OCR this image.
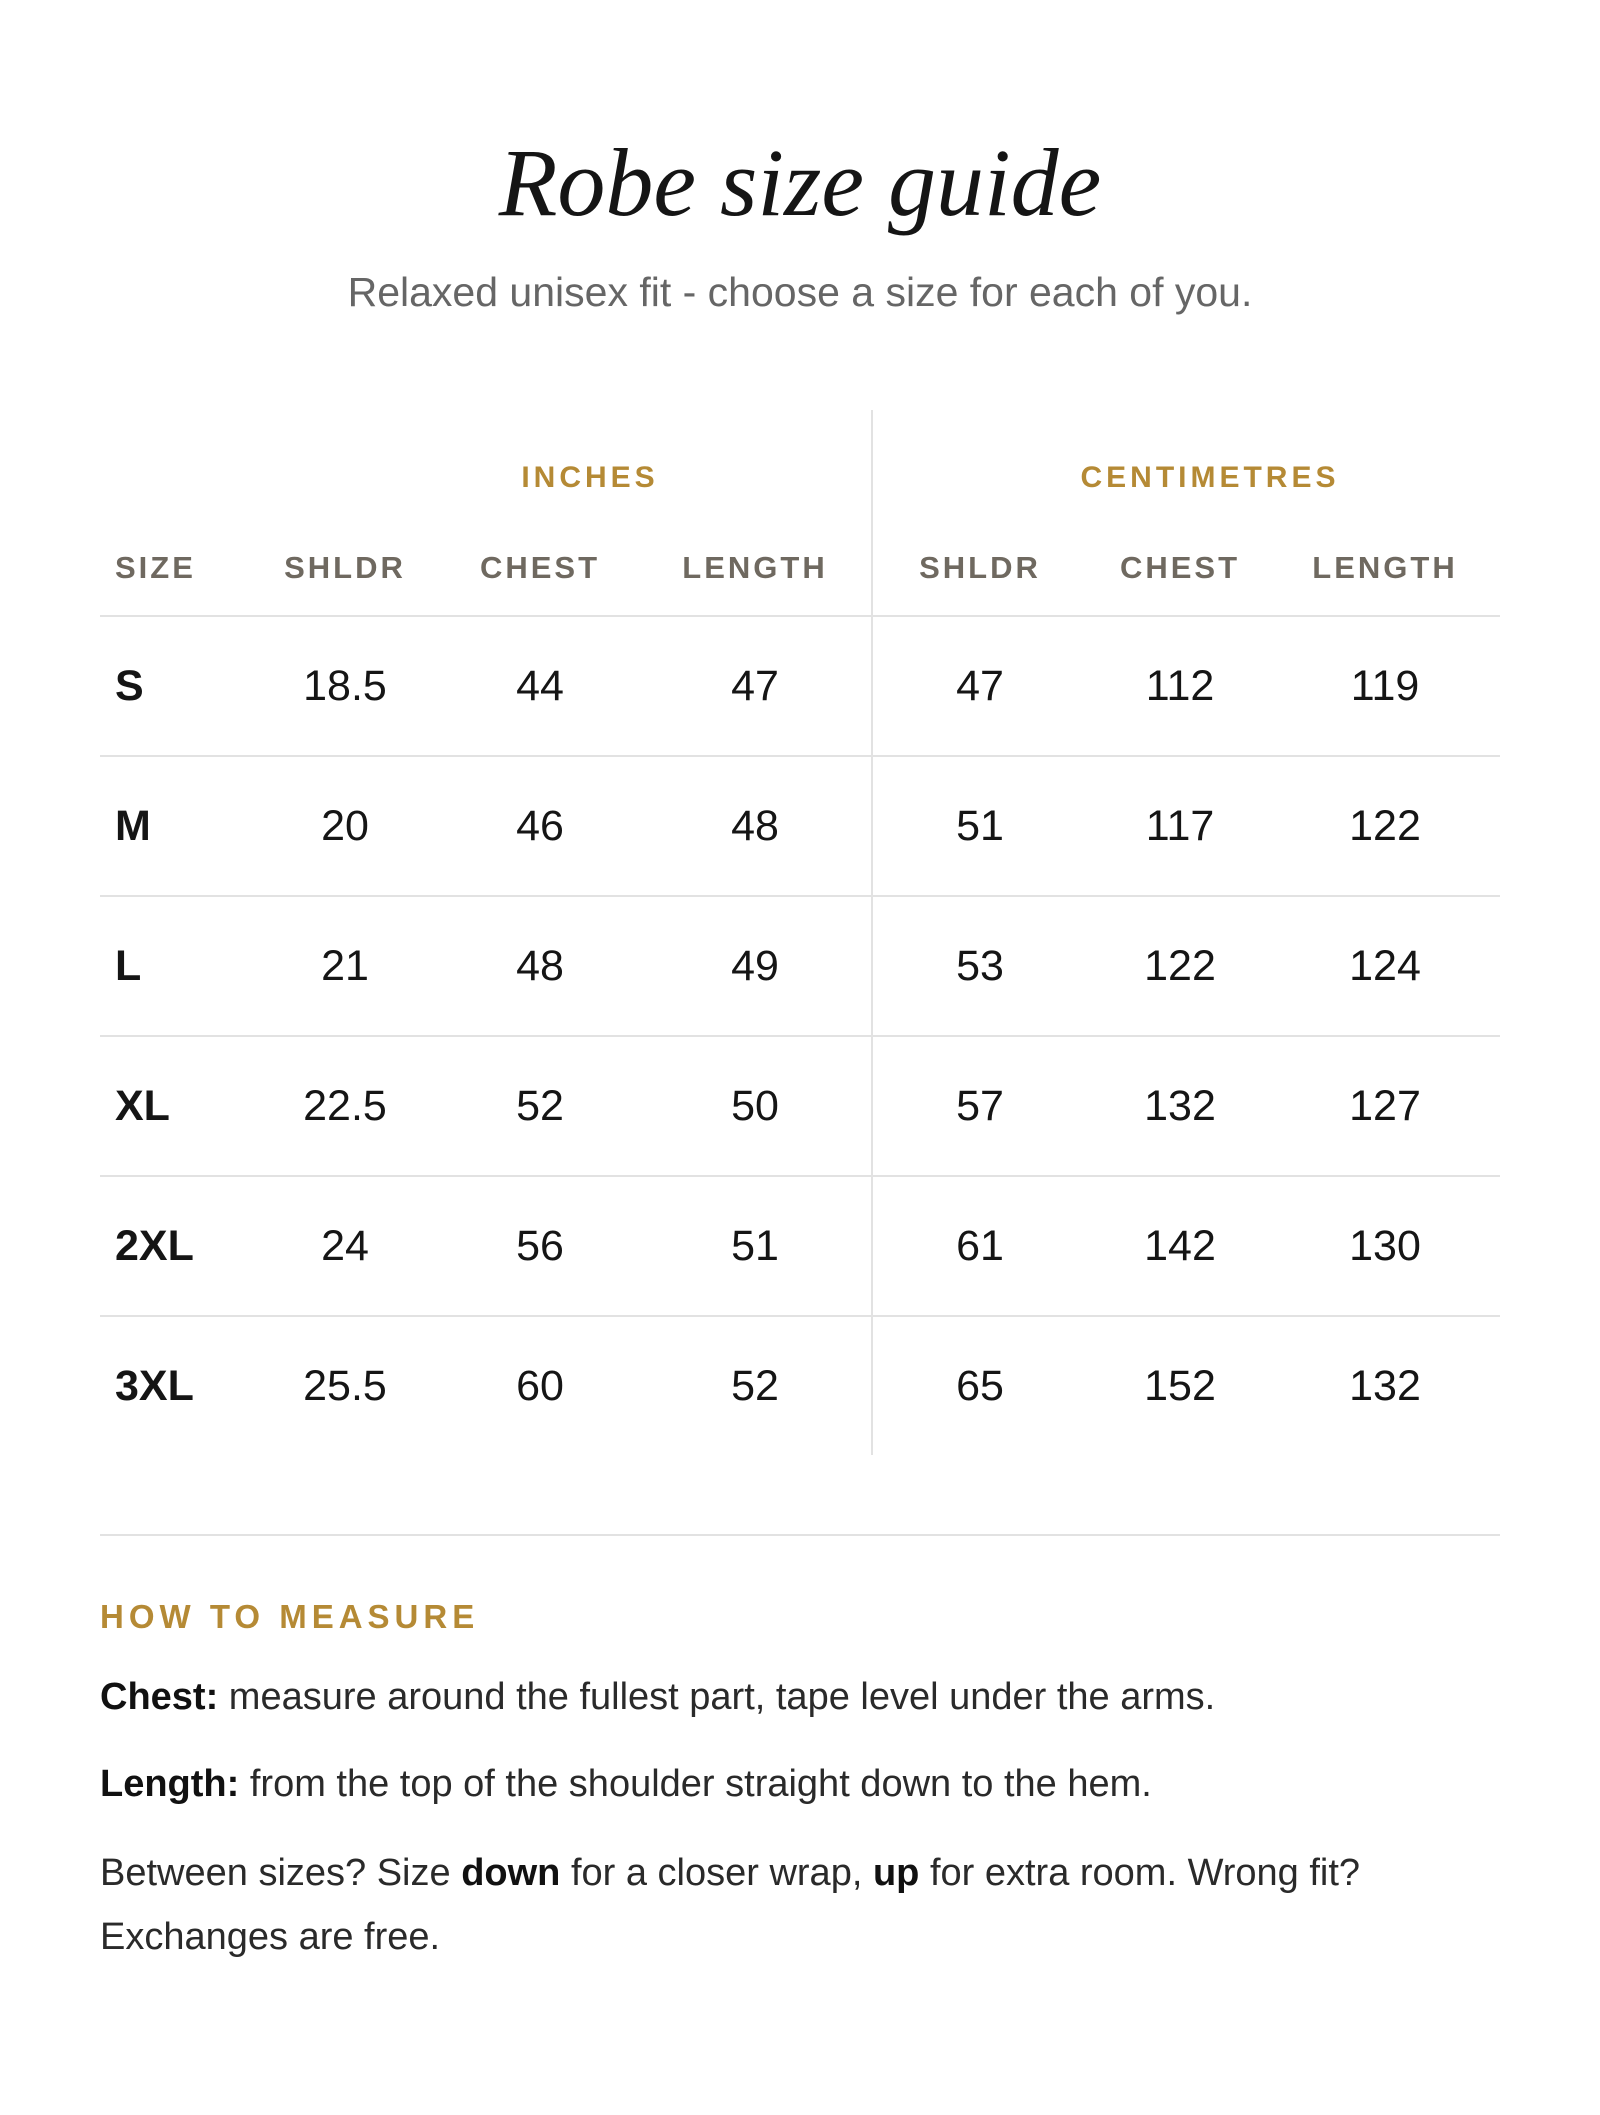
Robe size guide
Relaxed unisex fit - choose a size for each of you.
INCHES	CENTIMETRES
SIZE	SHLDR	CHEST	LENGTH	SHLDR	CHEST	LENGTH
S	18.5	44	47	47	112	119
M	20	46	48	51	117	122
L	21	48	49	53	122	124
XL	22.5	52	50	57	132	127
2XL	24	56	51	61	142	130
3XL	25.5	60	52	65	152	132
HOW TO MEASURE
Chest: measure around the fullest part, tape level under the arms.
Length: from the top of the shoulder straight down to the hem.
Between sizes? Size down for a closer wrap, up for extra room. Wrong fit?
Exchanges are free.
